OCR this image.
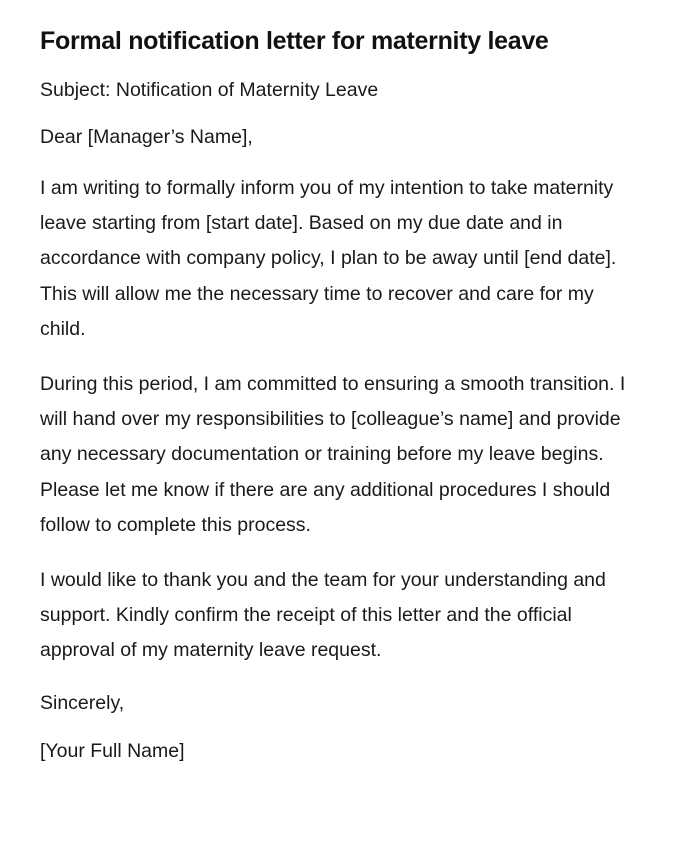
Formal notification letter for maternity leave

Subject: Notification of Maternity Leave

Dear [Manager’s Name],

I am writing to formally inform you of my intention to take maternity leave starting from [start date]. Based on my due date and in accordance with company policy, I plan to be away until [end date]. This will allow me the necessary time to recover and care for my child.

During this period, I am committed to ensuring a smooth transition. I will hand over my responsibilities to [colleague’s name] and provide any necessary documentation or training before my leave begins. Please let me know if there are any additional procedures I should follow to complete this process.

I would like to thank you and the team for your understanding and support. Kindly confirm the receipt of this letter and the official approval of my maternity leave request.

Sincerely,

[Your Full Name]
